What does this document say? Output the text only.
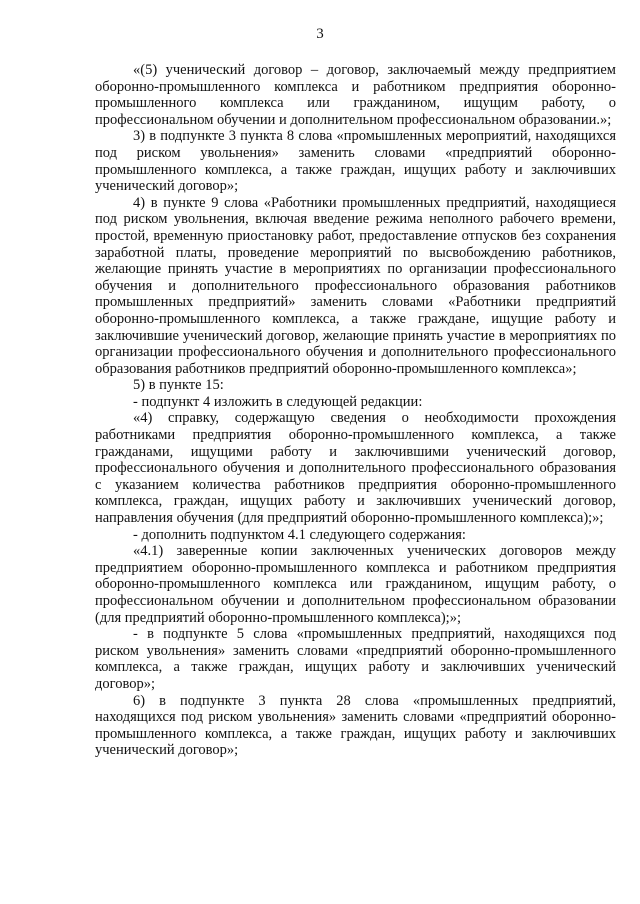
3

«(5) ученический договор – договор, заключаемый между предприятием оборонно-промышленного комплекса и работником предприятия оборонно-промышленного комплекса или гражданином, ищущим работу, о профессиональном обучении и дополнительном профессиональном образовании.»;

3) в подпункте 3 пункта 8 слова «промышленных мероприятий, находящихся под риском увольнения» заменить словами «предприятий оборонно-промышленного комплекса, а также граждан, ищущих работу и заключивших ученический договор»;

4) в пункте 9 слова «Работники промышленных предприятий, находящиеся под риском увольнения, включая введение режима неполного рабочего времени, простой, временную приостановку работ, предоставление отпусков без сохранения заработной платы, проведение мероприятий по высвобождению работников, желающие принять участие в мероприятиях по организации профессионального обучения и дополнительного профессионального образования работников промышленных предприятий» заменить словами «Работники предприятий оборонно-промышленного комплекса, а также граждане, ищущие работу и заключившие ученический договор, желающие принять участие в мероприятиях по организации профессионального обучения и дополнительного профессионального образования работников предприятий оборонно-промышленного комплекса»;

5) в пункте 15:

- подпункт 4 изложить в следующей редакции:

«4) справку, содержащую сведения о необходимости прохождения работниками предприятия оборонно-промышленного комплекса, а также гражданами, ищущими работу и заключившими ученический договор, профессионального обучения и дополнительного профессионального образования с указанием количества работников предприятия оборонно-промышленного комплекса, граждан, ищущих работу и заключивших ученический договор, направления обучения (для предприятий оборонно-промышленного комплекса);»;

- дополнить подпунктом 4.1 следующего содержания:

«4.1) заверенные копии заключенных ученических договоров между предприятием оборонно-промышленного комплекса и работником предприятия оборонно-промышленного комплекса или гражданином, ищущим работу, о профессиональном обучении и дополнительном профессиональном образовании (для предприятий оборонно-промышленного комплекса);»;

- в подпункте 5 слова «промышленных предприятий, находящихся под риском увольнения» заменить словами «предприятий оборонно-промышленного комплекса, а также граждан, ищущих работу и заключивших ученический договор»;

6) в подпункте 3 пункта 28 слова «промышленных предприятий, находящихся под риском увольнения» заменить словами «предприятий оборонно-промышленного комплекса, а также граждан, ищущих работу и заключивших ученический договор»;
